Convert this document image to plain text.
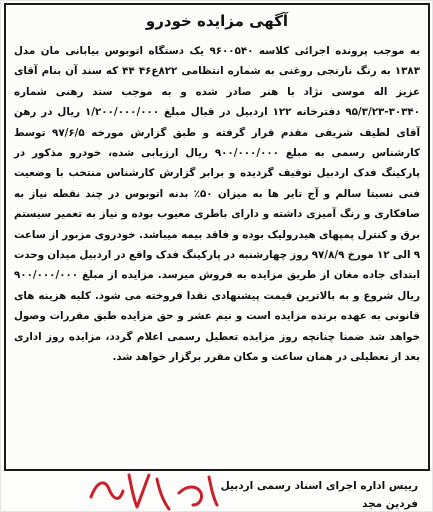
آگهی مزایده خودرو
به موجب پرونده اجرائی کلاسه ۹۶۰۰۵۴۰ یک دستگاه اتوبوس بیابانی مان مدل ۱۳۸۳ به رنگ نارنجی روغنی به شماره انتظامی ۸۲۲ع۴۶ ۴۴ که سند آن بنام آقای عزیز اله موسی نژاد با هنر صادر شده و به موجب سند رهنی شماره ۳۰۳۴۰-۹۵/۳/۲۳ دفترخانه ۱۲۲ اردبیل در قبال مبلغ ۱/۲۰۰/۰۰۰/۰۰۰ ریال در رهن آقای لطیف شریفی مقدم قرار گرفته و طبق گزارش مورخه ۹۷/۶/۵ توسط کارشناس رسمی به مبلغ ۹۰۰/۰۰۰/۰۰۰ ریال ارزیابی شده، خودرو مذکور در پارکینگ فدک اردبیل توقیف گردیده و برابر گزارش کارشناس منتخب با وضعیت فنی نسبتا سالم و آج تایر ها به میزان ۵۰٪ بدنه اتوبوس در چند نقطه نیاز به صافکاری و رنگ آمیزی داشته و دارای باطری معیوب بوده و نیاز به تعمیر سیستم برق و کنترل پمپهای هیدرولیک بوده و فاقد بیمه میباشد. خودروی مزبور از ساعت ۹ الی ۱۲ مورخ ۹۷/۸/۹ روز چهارشنبه در پارکینگ فدک واقع در اردبیل میدان وحدت ابتدای جاده مغان از طریق مزایده به فروش میرسد. مزایده از مبلغ ۹۰۰/۰۰۰/۰۰۰ ریال شروع و به بالاترین قیمت پیشنهادی نقدا فروخته می شود. کلیه هزینه های قانونی به عهده برنده مزایده است و نیم عشر و حق مزایده طبق مقررات وصول خواهد شد ضمنا چنانچه روز مزایده تعطیل رسمی اعلام گردد، مزایده روز اداری بعد از تعطیلی در همان ساعت و مکان مقرر برگزار خواهد شد.
رییس اداره اجرای اسناد رسمی اردبیل
فردین مجد
